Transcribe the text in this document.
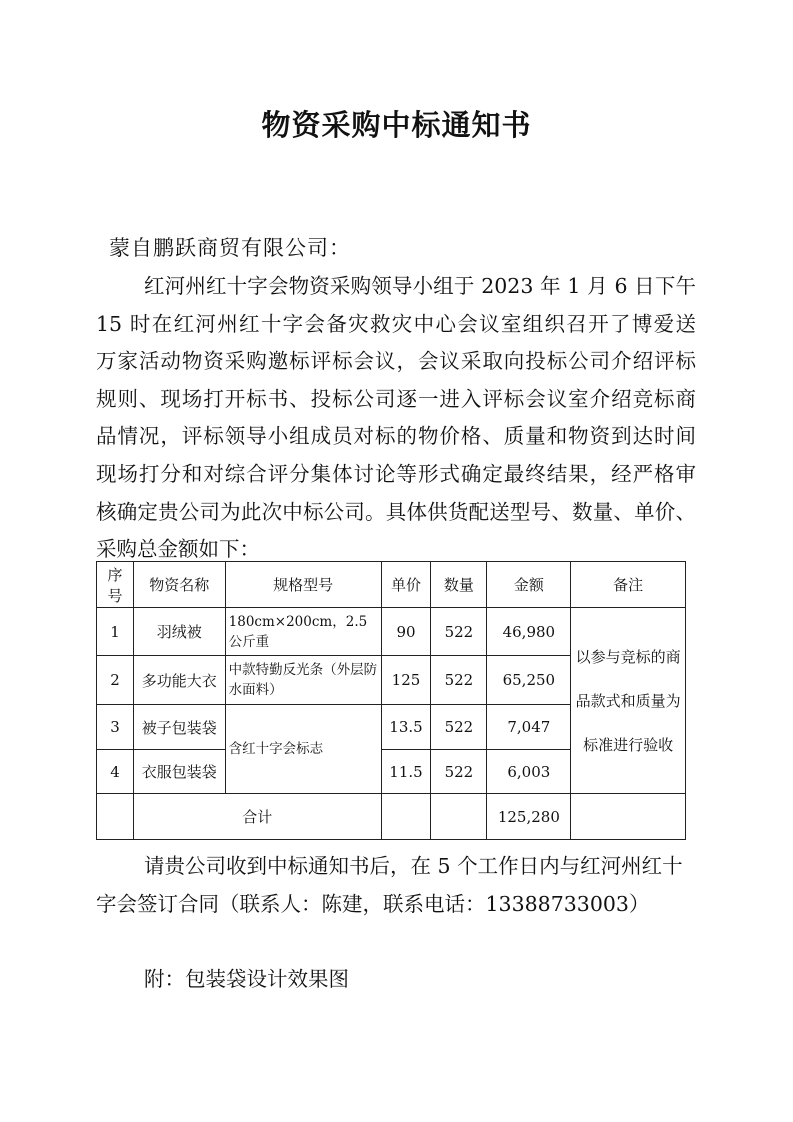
物资采购中标通知书
蒙自鹏跃商贸有限公司：
红河州红十字会物资采购领导小组于 2023 年 1 月 6 日下午
15 时在红河州红十字会备灾救灾中心会议室组织召开了博爱送
万家活动物资采购邀标评标会议，会议采取向投标公司介绍评标
规则、现场打开标书、投标公司逐一进入评标会议室介绍竞标商
品情况，评标领导小组成员对标的物价格、质量和物资到达时间
现场打分和对综合评分集体讨论等形式确定最终结果，经严格审
核确定贵公司为此次中标公司。具体供货配送型号、数量、单价、
采购总金额如下：
序号	物资名称	规格型号	单价	数量	金额	备注
1	羽绒被	180cm×200cm，2.5 公斤重	90	522	46,980	以参与竞标的商品款式和质量为标准进行验收
2	多功能大衣	中款特勤反光条（外层防水面料）	125	522	65,250	
3	被子包装袋	含红十字会标志	13.5	522	7,047	
4	衣服包装袋		11.5	522	6,003	
	合计				125,280	
请贵公司收到中标通知书后，在 5 个工作日内与红河州红十
字会签订合同（联系人：陈建，联系电话：13388733003）
附：包装袋设计效果图
